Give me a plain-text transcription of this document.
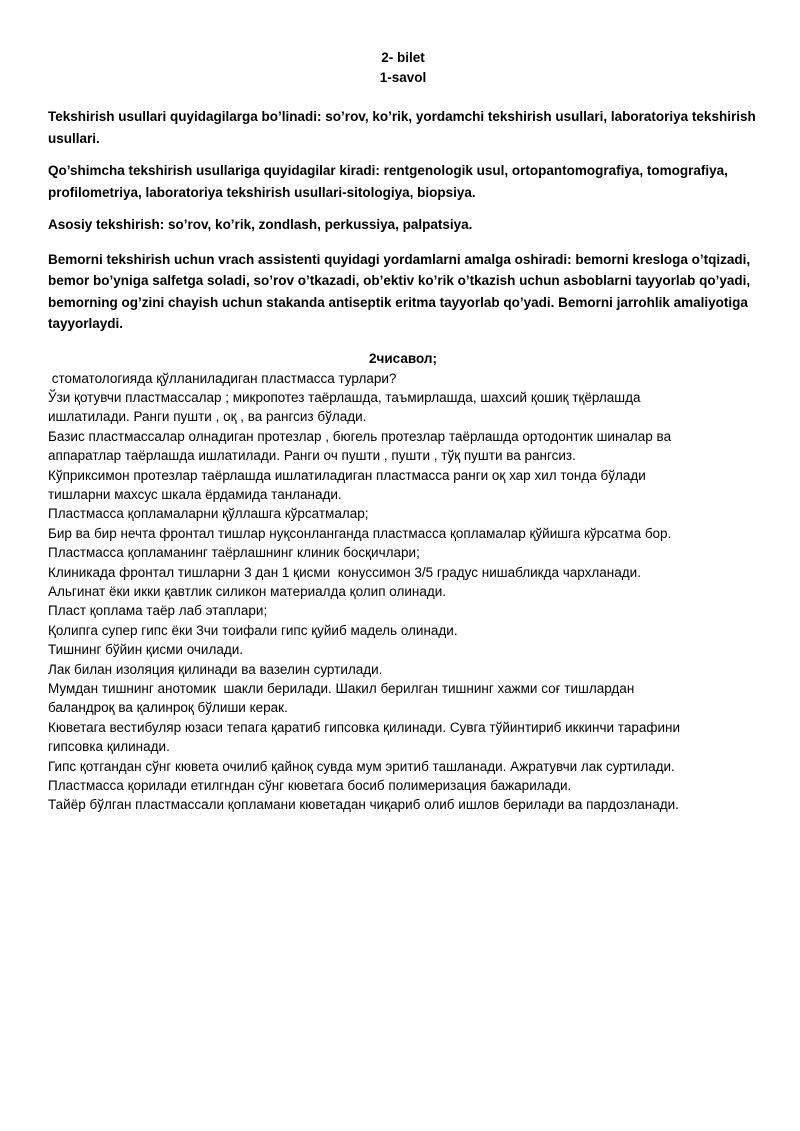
2- bilet
1-savol

Tekshirish usullari quyidagilarga bo’linadi: so’rov, ko’rik, yordamchi tekshirish usullari, laboratoriya tekshirish usullari.

Qo’shimcha tekshirish usullariga quyidagilar kiradi: rentgenologik usul, ortopantomografiya, tomografiya, profilometriya, laboratoriya tekshirish usullari-sitologiya, biopsiya.

Asosiy tekshirish: so’rov, ko’rik, zondlash, perkussiya, palpatsiya.

Bemorni tekshirish uchun vrach assistenti quyidagi yordamlarni amalga oshiradi: bemorni kresloga o’tqizadi, bemor bo’yniga salfetga soladi, so’rov o’tkazadi, ob’ektiv ko’rik o’tkazish uchun asboblarni tayyorlab qo’yadi, bemorning og’zini chayish uchun stakanda antiseptik eritma tayyorlab qo’yadi. Bemorni jarrohlik amaliyotiga tayyorlaydi.

2чисавол;
стоматологияда қўлланиладиган пластмасса турлари?
Ўзи қотувчи пластмассалар ; микропотез таёрлашда, таъмирлашда, шахсий қошиқ тқёрлашда
ишлатилади. Ранги пушти , оқ , ва рангсиз бўлади.
Базис пластмассалар олнадиган протезлар , бюгель протезлар таёрлашда ортодонтик шиналар ва
аппаратлар таёрлашда ишлатилади. Ранги оч пушти , пушти , тўқ пушти ва рангсиз.
Кўприксимон протезлар таёрлашда ишлатиладиган пластмасса ранги оқ хар хил тонда бўлади
тишларни махсус шкала ёрдамида танланади.
Пластмасса қопламаларни қўллашга кўрсатмалар;
Бир ва бир нечта фронтал тишлар нуқсонланганда пластмасса қопламалар қўйишга кўрсатма бор.
Пластмасса қопламанинг таёрлашнинг клиник босқичлари;
Клиникада фронтал тишларни 3 дан 1 қисми  конуссимон 3/5 градус нишабликда чархланади.
Альгинат ёки икки қавтлик силикон материалда қолип олинади.
Пласт қоплама таёр лаб этаплари;
Қолипга супер гипс ёки 3чи тоифали гипс қуйиб мадель олинади.
Тишнинг бўйин қисми очилади.
Лак билан изоляция қилинади ва вазелин суртилади.
Мумдан тишнинг анотомик  шакли берилади. Шакил берилган тишнинг хажми соғ тишлардан
баландроқ ва қалинроқ бўлиши керак.
Кюветага вестибуляр юзаси тепага қаратиб гипсовка қилинади. Сувга тўйинтириб иккинчи тарафини
гипсовка қилинади.
Гипс қотгандан сўнг кювета очилиб қайноқ сувда мум эритиб ташланади. Ажратувчи лак суртилади.
Пластмасса қорилади етилгндан сўнг кюветага босиб полимеризация бажарилади.
Тайёр бўлган пластмассали қопламани кюветадан чиқариб олиб ишлов берилади ва пардозланади.
